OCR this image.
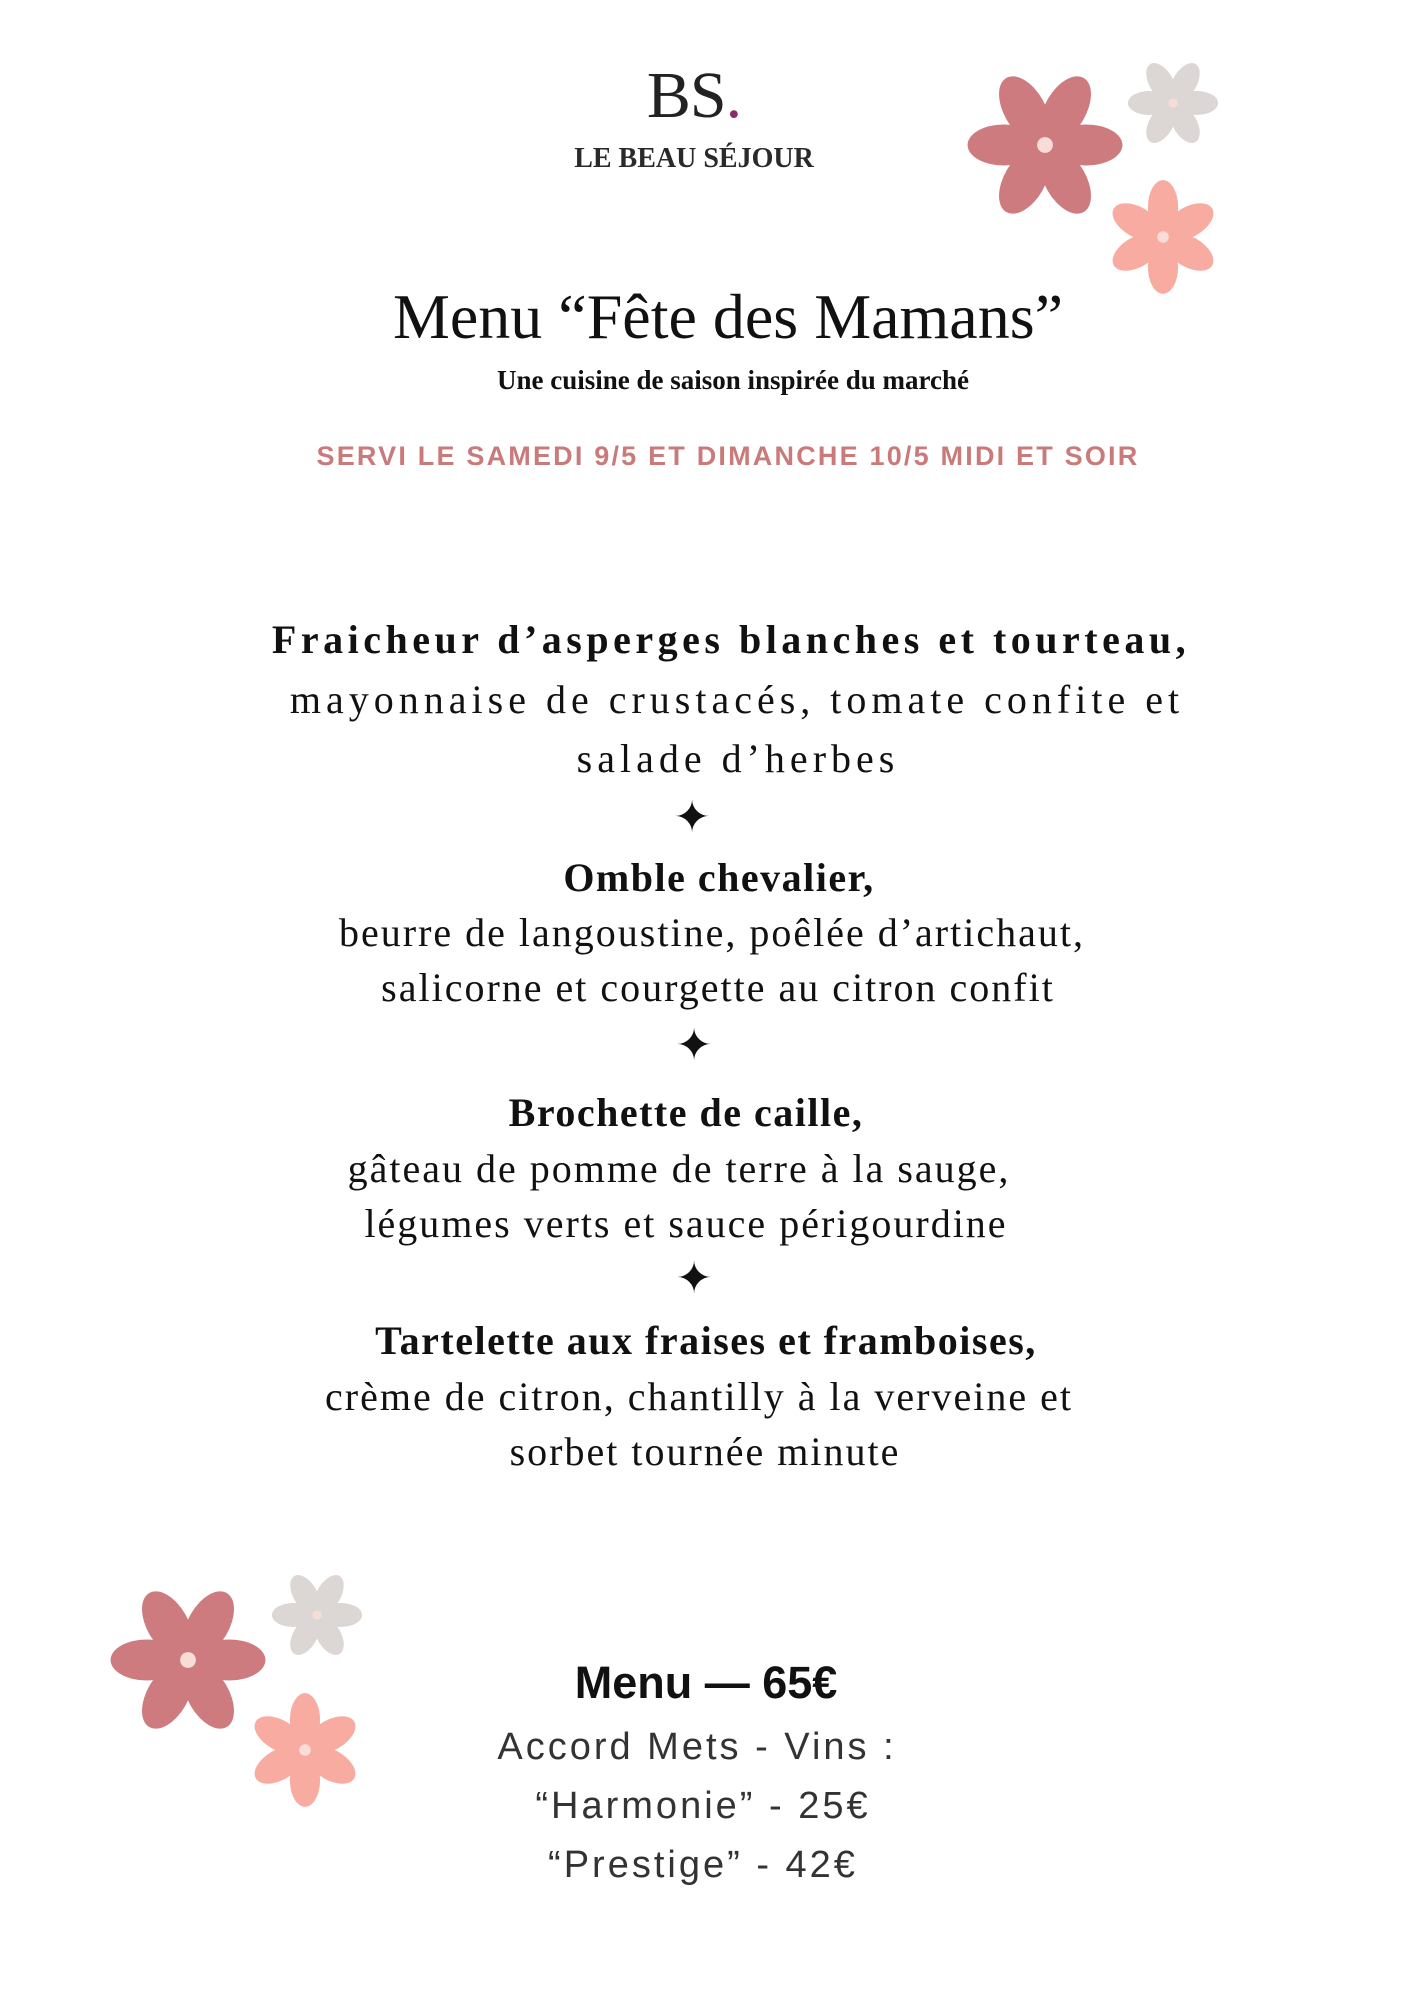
BS.
LE BEAU SÉJOUR
Menu “Fête des Mamans”
Une cuisine de saison inspirée du marché
SERVI LE SAMEDI 9/5 ET DIMANCHE 10/5 MIDI ET SOIR
Fraicheur d’asperges blanches et tourteau,
mayonnaise de crustacés, tomate confite et
salade d’herbes
✦
Omble chevalier,
beurre de langoustine, poêlée d’artichaut,
salicorne et courgette au citron confit
✦
Brochette de caille,
gâteau de pomme de terre à la sauge,
légumes verts et sauce périgourdine
✦
Tartelette aux fraises et framboises,
crème de citron, chantilly à la verveine et
sorbet tournée minute
Menu — 65€
Accord Mets - Vins :
“Harmonie” - 25€
“Prestige” - 42€
